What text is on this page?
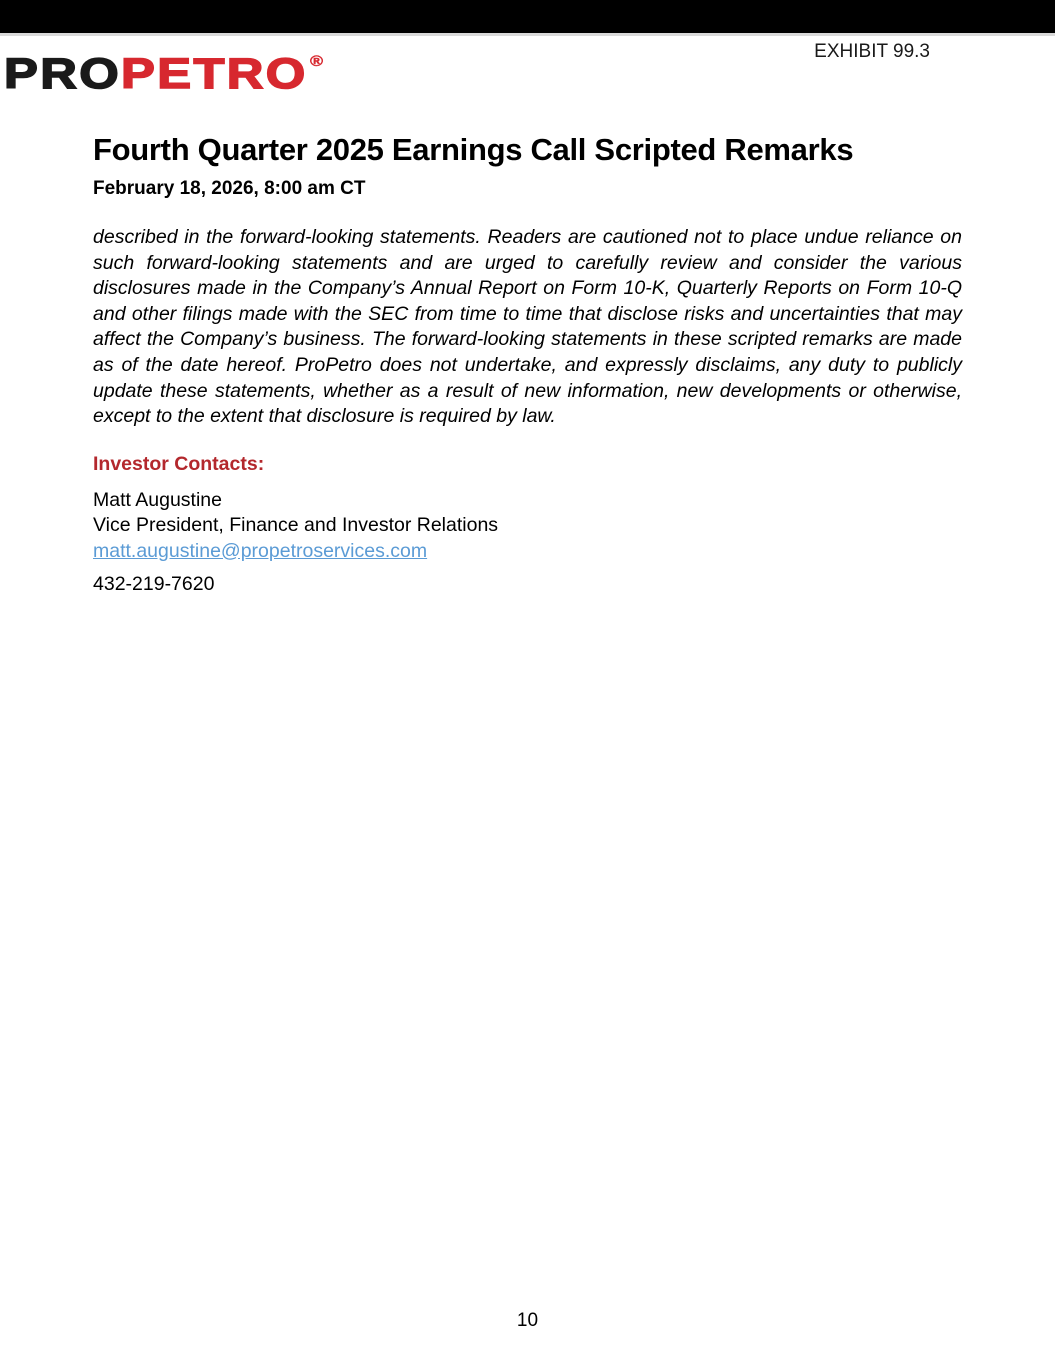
PROPETRO ®	EXHIBIT 99.3
Fourth Quarter 2025 Earnings Call Scripted Remarks
February 18, 2026, 8:00 am CT

described in the forward-looking statements. Readers are cautioned not to place undue reliance on such forward-looking statements and are urged to carefully review and consider the various disclosures made in the Company’s Annual Report on Form 10-K, Quarterly Reports on Form 10-Q and other filings made with the SEC from time to time that disclose risks and uncertainties that may affect the Company’s business. The forward-looking statements in these scripted remarks are made as of the date hereof. ProPetro does not undertake, and expressly disclaims, any duty to publicly update these statements, whether as a result of new information, new developments or otherwise, except to the extent that disclosure is required by law.

Investor Contacts:
Matt Augustine
Vice President, Finance and Investor Relations
matt.augustine@propetroservices.com
432-219-7620
10
